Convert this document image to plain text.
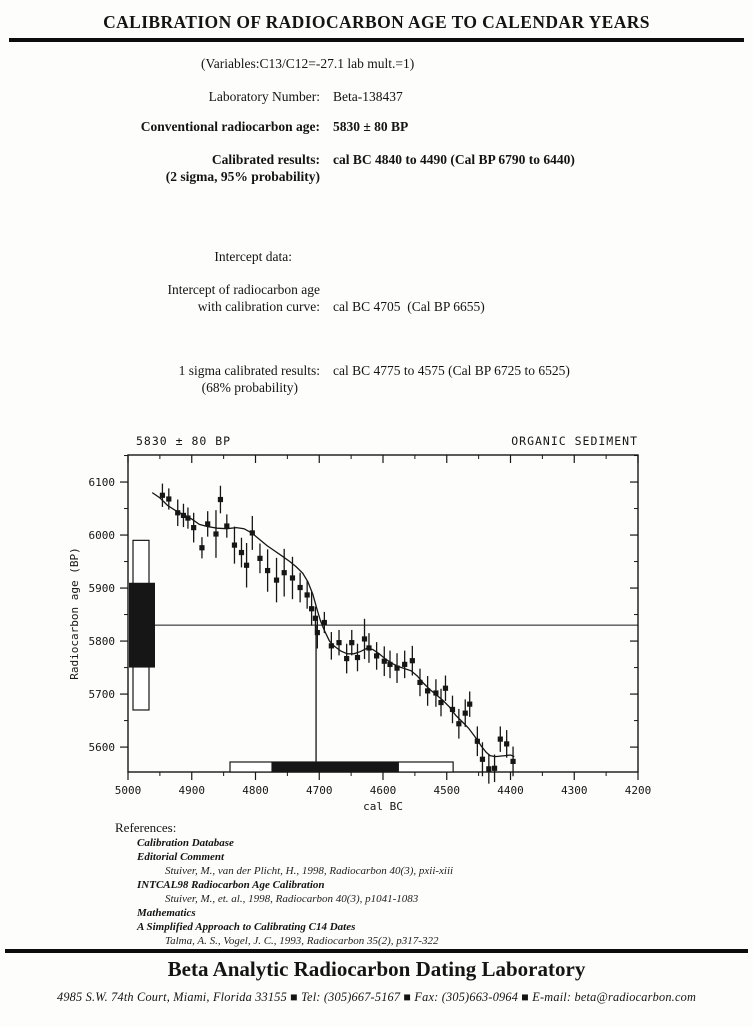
CALIBRATION OF RADIOCARBON AGE TO CALENDAR YEARS
(Variables:C13/C12=-27.1 lab mult.=1)
Laboratory Number: Beta-138437
Conventional radiocarbon age: 5830 ± 80 BP
Calibrated results: cal BC 4840 to 4490 (Cal BP 6790 to 6440)
(2 sigma, 95% probability)
Intercept data:
Intercept of radiocarbon age
with calibration curve: cal BC 4705  (Cal BP 6655)
1 sigma calibrated results: cal BC 4775 to 4575 (Cal BP 6725 to 6525)
(68% probability)
6100
6000
5900
5800
5700
5600
5000	4900	4800	4700	4600	4500	4400	4300	4200
cal BC
Radiocarbon age (BP)
5830 ± 80 BP	ORGANIC SEDIMENT
References:
Calibration Database
Editorial Comment
Stuiver, M., van der Plicht, H., 1998, Radiocarbon 40(3), pxii-xiii
INTCAL98 Radiocarbon Age Calibration
Stuiver, M., et. al., 1998, Radiocarbon 40(3), p1041-1083
Mathematics
A Simplified Approach to Calibrating C14 Dates
Talma, A. S., Vogel, J. C., 1993, Radiocarbon 35(2), p317-322
Beta Analytic Radiocarbon Dating Laboratory
4985 S.W. 74th Court, Miami, Florida 33155 ■ Tel: (305)667-5167 ■ Fax: (305)663-0964 ■ E-mail: beta@radiocarbon.com
